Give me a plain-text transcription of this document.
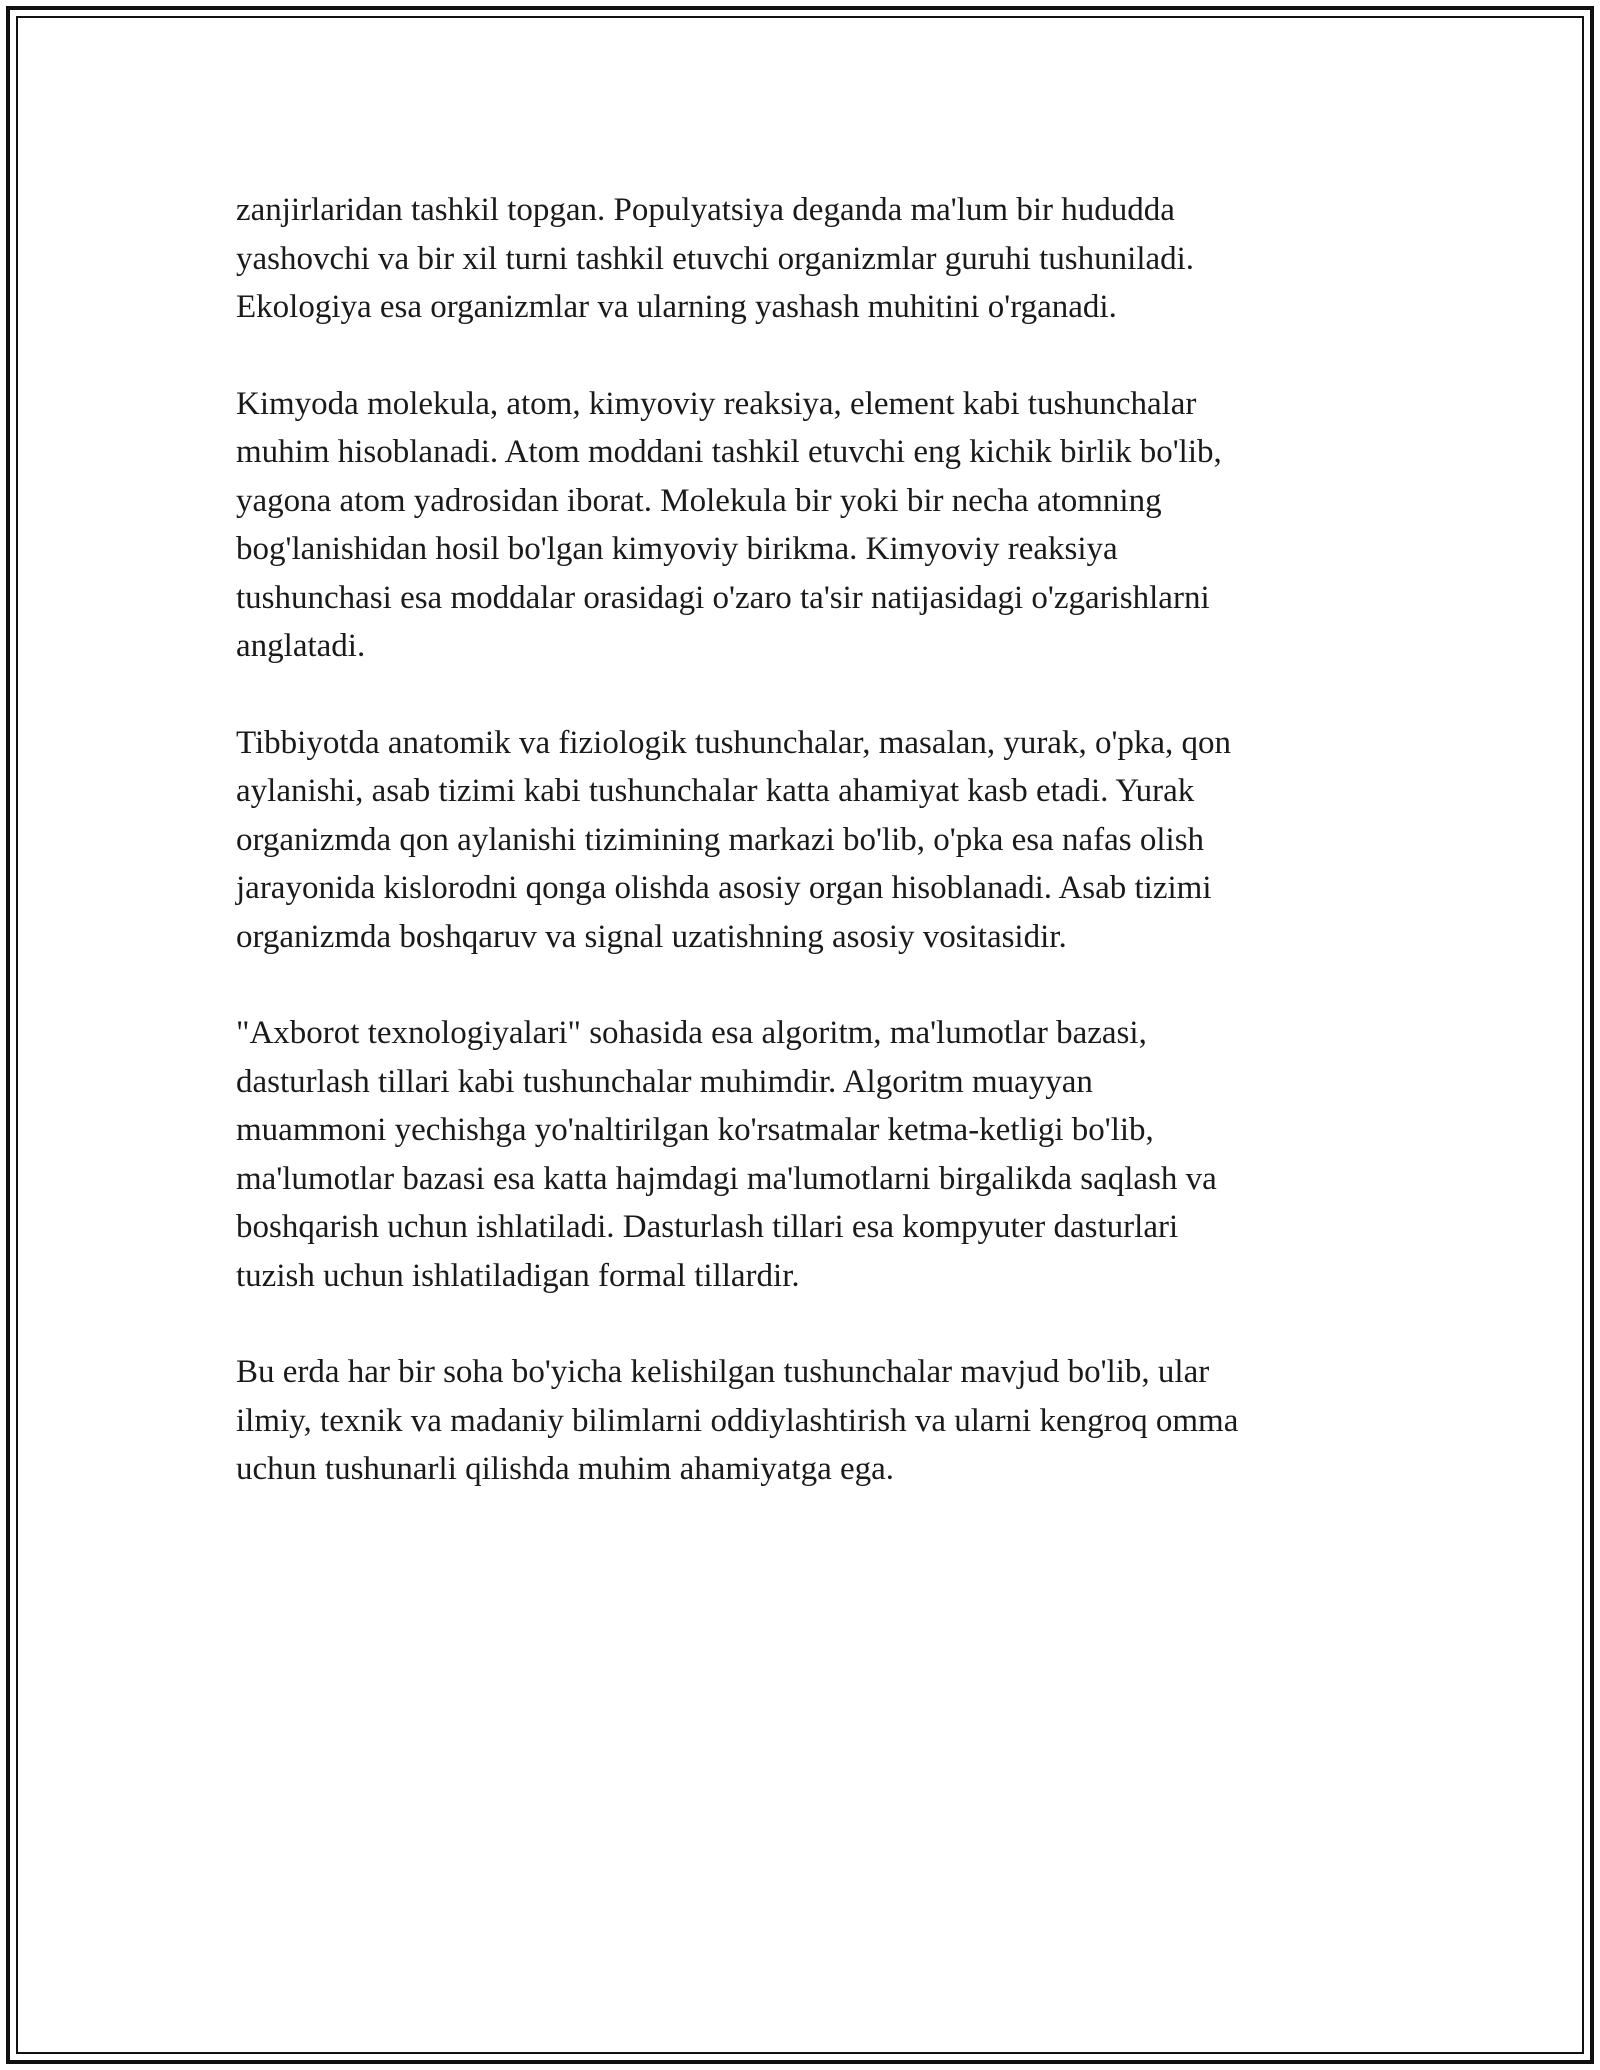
zanjirlaridan tashkil topgan. Populyatsiya deganda ma'lum bir hududda
yashovchi va bir xil turni tashkil etuvchi organizmlar guruhi tushuniladi.
Ekologiya esa organizmlar va ularning yashash muhitini o'rganadi.

Kimyoda molekula, atom, kimyoviy reaksiya, element kabi tushunchalar
muhim hisoblanadi. Atom moddani tashkil etuvchi eng kichik birlik bo'lib,
yagona atom yadrosidan iborat. Molekula bir yoki bir necha atomning
bog'lanishidan hosil bo'lgan kimyoviy birikma. Kimyoviy reaksiya
tushunchasi esa moddalar orasidagi o'zaro ta'sir natijasidagi o'zgarishlarni
anglatadi.

Tibbiyotda anatomik va fiziologik tushunchalar, masalan, yurak, o'pka, qon
aylanishi, asab tizimi kabi tushunchalar katta ahamiyat kasb etadi. Yurak
organizmda qon aylanishi tizimining markazi bo'lib, o'pka esa nafas olish
jarayonida kislorodni qonga olishda asosiy organ hisoblanadi. Asab tizimi
organizmda boshqaruv va signal uzatishning asosiy vositasidir.

"Axborot texnologiyalari" sohasida esa algoritm, ma'lumotlar bazasi,
dasturlash tillari kabi tushunchalar muhimdir. Algoritm muayyan
muammoni yechishga yo'naltirilgan ko'rsatmalar ketma-ketligi bo'lib,
ma'lumotlar bazasi esa katta hajmdagi ma'lumotlarni birgalikda saqlash va
boshqarish uchun ishlatiladi. Dasturlash tillari esa kompyuter dasturlari
tuzish uchun ishlatiladigan formal tillardir.

Bu erda har bir soha bo'yicha kelishilgan tushunchalar mavjud bo'lib, ular
ilmiy, texnik va madaniy bilimlarni oddiylashtirish va ularni kengroq omma
uchun tushunarli qilishda muhim ahamiyatga ega.
